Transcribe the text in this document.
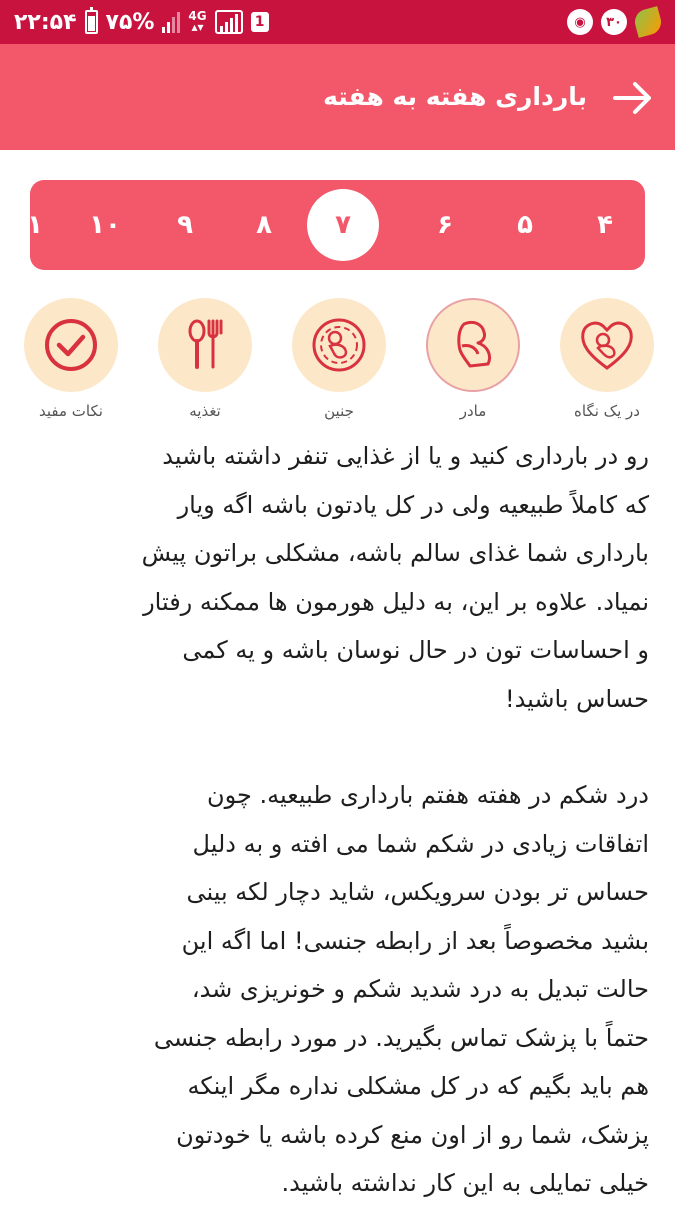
۲۲:۵۴ ۷۵%	4G
▴▾	1	◉	۳۰
بارداری هفته به هفته
۴
۵
۶
۷
۸
۹
۱۰
۱
در یک نگاه
مادر
جنین
تغذیه
نکات مفید

رو در بارداری کنید و یا از غذایی تنفر داشته باشید
که کاملاً طبیعیه ولی در کل یادتون باشه اگه ویار
بارداری شما غذای سالم باشه، مشکلی براتون پیش
نمیاد. علاوه بر این، به دلیل هورمون ها ممکنه رفتار
و احساسات تون در حال نوسان باشه و یه کمی
حساس باشید!

درد شکم در هفته هفتم بارداری طبیعیه. چون
اتفاقات زیادی در شکم شما می افته و به دلیل
حساس تر بودن سرویکس، شاید دچار لکه بینی
بشید مخصوصاً بعد از رابطه جنسی! اما اگه این
حالت تبدیل به درد شدید شکم و خونریزی شد،
حتماً با پزشک تماس بگیرید. در مورد رابطه جنسی
هم باید بگیم که در کل مشکلی نداره مگر اینکه
پزشک، شما رو از اون منع کرده باشه یا خودتون
خیلی تمایلی به این کار نداشته باشید.
